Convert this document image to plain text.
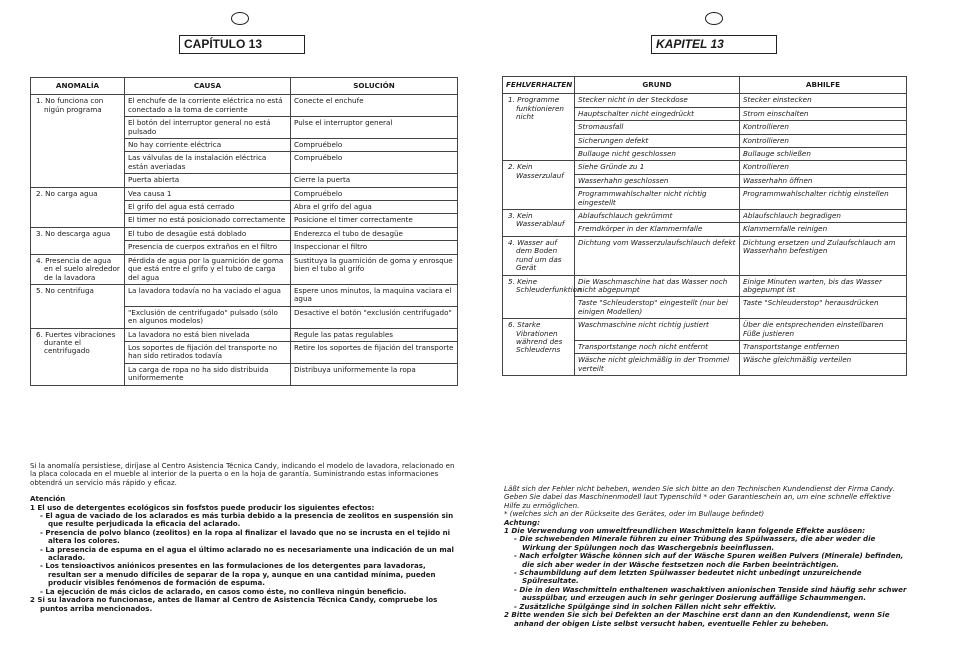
CAPÍTULO 13
ANOMALÍA	CAUSA	SOLUCIÓN

1. No funciona con nigún programa	El enchufe de la corriente eléctrica no está conectado a la toma de corriente	Conecte el enchufe
	El botón del interruptor general no está pulsado	Pulse el interruptor general
	No hay corriente eléctrica	Compruébelo
	Las válvulas de la instalación eléctrica están averiadas	Compruébelo
	Puerta abierta	Cierre la puerta

2. No carga agua	Vea causa 1	Compruébelo
	El grifo del agua está cerrado	Abra el grifo del agua
	El timer no está posicionado correctamente	Posicione el timer correctamente

3. No descarga agua	El tubo de desagüe está doblado	Enderezca el tubo de desagüe
	Presencia de cuerpos extraños en el filtro	Inspeccionar el filtro

4. Presencia de agua en el suelo alrededor de la lavadora	Pérdida de agua por la guarnición de goma que está entre el grifo y el tubo de carga del agua	Sustituya la guarnición de goma y enrosque bien el tubo al grifo

5. No centrifuga	La lavadora todavía no ha vaciado el agua	Espere unos minutos, la maquina vaciara el agua
	"Exclusión de centrifugado" pulsado (sólo en algunos modelos)	Desactive el botón "exclusión centrifugado"

6. Fuertes vibraciones durante el centrifugado	La lavadora no está bien nivelada	Regule las patas regulables
	Los soportes de fijación del transporte no han sido retirados todavía	Retire los soportes de fijación del transporte
	La carga de ropa no ha sido distribuida uniformemente	Distribuya uniformemente la ropa

Si la anomalía persistiese, diríjase al Centro Asistencia Técnica Candy, indicando el modelo de lavadora, relacionado en la placa colocada en el mueble al interior de la puerta o en la hoja de garantía. Suministrando estas informaciones obtendrá un servicio más rápido y eficaz.

Atención

1 El uso de detergentes ecológicos sin fosfstos puede producir los siguientes efectos:

- El agua de vaciado de los aclarados es más turbia debido a la presencia de zeolitos en suspensión sin que resulte perjudicada la eficacia del aclarado.

- Presencia de polvo blanco (zeolitos) en la ropa al finalizar el lavado que no se incrusta en el tejido ni altera los colores.

- La presencia de espuma en el agua el último aclarado no es necesariamente una indicación de un mal aclarado.

- Los tensioactivos aniónicos presentes en las formulaciones de los detergentes para lavadoras, resultan ser a menudo difíciles de separar de la ropa y, aunque en una cantidad mínima, pueden producir visibles fenómenos de formación de espuma.

- La ejecución de más ciclos de aclarado, en casos como éste, no conlleva ningún beneficio.

2 Si su lavadora no funcionase, antes de llamar al Centro de Asistencia Técnica Candy, compruebe los puntos arriba mencionados.

KAPITEL 13
FEHLVERHALTEN	GRUND	ABHILFE

1. Programme funktionieren nicht	Stecker nicht in der Steckdose	Stecker einstecken
	Hauptschalter nicht eingedrückt	Strom einschalten
	Stromausfall	Kontrollieren
	Sicherungen defekt	Kontrollieren
	Bullauge nicht geschlossen	Bullauge schließen

2. Kein Wasserzulauf	Siehe Gründe zu 1	Kontrollieren
	Wasserhahn geschlossen	Wasserhahn öffnen
	Programmwahlschalter nicht richtig eingestellt	Programmwahlschalter richtig einstellen

3. Kein Wasserablauf	Ablaufschlauch gekrümmt	Ablaufschlauch begradigen
	Fremdkörper in der Klammernfalle	Klammernfalle reinigen

4. Wasser auf dem Boden rund um das Gerät	Dichtung vom Wasserzulaufschlauch defekt	Dichtung ersetzen und Zulaufschlauch am Wasserhahn befestigen

5. Keine Schleuderfunktion	Die Waschmaschine hat das Wasser noch nicht abgepumpt	Einige Minuten warten, bis das Wasser abgepumpt ist
	Taste "Schleuderstop" eingestellt (nur bei einigen Modellen)	Taste "Schleuderstop" herausdrücken

6. Starke Vibrationen während des Schleuderns	Waschmaschine nicht richtig justiert	Über die entsprechenden einstellbaren Füße justieren
	Transportstange noch nicht entfernt	Transportstange entfernen
	Wäsche nicht gleichmäßig in der Trommel verteilt	Wäsche gleichmäßig verteilen

Läßt sich der Fehler nicht beheben, wenden Sie sich bitte an den Technischen Kundendienst der Firma Candy. Geben Sie dabei das Maschinenmodell laut Typenschild * oder Garantieschein an, um eine schnelle effektive Hilfe zu ermöglichen.

* (welches sich an der Rückseite des Gerätes, oder im Bullauge befindet)

Achtung:

1 Die Verwendung von umweltfreundlichen Waschmitteln kann folgende Effekte auslösen:

- Die schwebenden Minerale führen zu einer Trübung des Spülwassers, die aber weder die Wirkung der Spülungen noch das Waschergebnis beeinflussen.

- Nach erfolgter Wäsche können sich auf der Wäsche Spuren weißen Pulvers (Minerale) befinden, die sich aber weder in der Wäsche festsetzen noch die Farben beeinträchtigen.

- Schaumbildung auf dem letzten Spülwasser bedeutet nicht unbedingt unzureichende Spülresultate.

- Die in den Waschmitteln enthaltenen waschaktiven anionischen Tenside sind häufig sehr schwer ausspülbar, und erzeugen auch in sehr geringer Dosierung auffällige Schaummengen.

- Zusätzliche Spülgänge sind in solchen Fällen nicht sehr effektiv.

2 Bitte wenden Sie sich bei Defekten an der Maschine erst dann an den Kundendienst, wenn Sie anhand der obigen Liste selbst versucht haben, eventuelle Fehler zu beheben.
